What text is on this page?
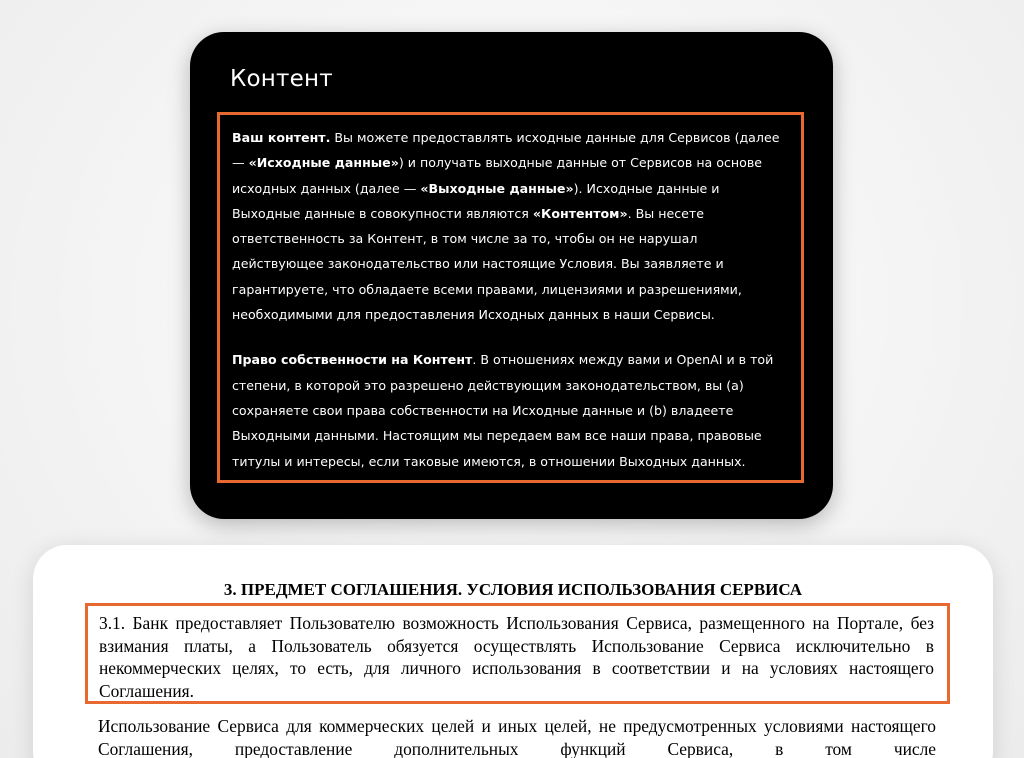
Контент

Ваш контент. Вы можете предоставлять исходные данные для Сервисов (далее — «Исходные данные») и получать выходные данные от Сервисов на основе исходных данных (далее — «Выходные данные»). Исходные данные и Выходные данные в совокупности являются «Контентом». Вы несете ответственность за Контент, в том числе за то, чтобы он не нарушал действующее законодательство или настоящие Условия. Вы заявляете и гарантируете, что обладаете всеми правами, лицензиями и разрешениями, необходимыми для предоставления Исходных данных в наши Сервисы.

Право собственности на Контент. В отношениях между вами и OpenAI и в той степени, в которой это разрешено действующим законодательством, вы (a) сохраняете свои права собственности на Исходные данные и (b) владеете Выходными данными. Настоящим мы передаем вам все наши права, правовые титулы и интересы, если таковые имеются, в отношении Выходных данных.

3. ПРЕДМЕТ СОГЛАШЕНИЯ. УСЛОВИЯ ИСПОЛЬЗОВАНИЯ СЕРВИСА

3.1. Банк предоставляет Пользователю возможность Использования Сервиса, размещенного на Портале, без взимания платы, а Пользователь обязуется осуществлять Использование Сервиса исключительно в некоммерческих целях, то есть, для личного использования в соответствии и на условиях настоящего Соглашения.

Использование Сервиса для коммерческих целей и иных целей, не предусмотренных условиями настоящего Соглашения, предоставление дополнительных функций Сервиса, в том числе
